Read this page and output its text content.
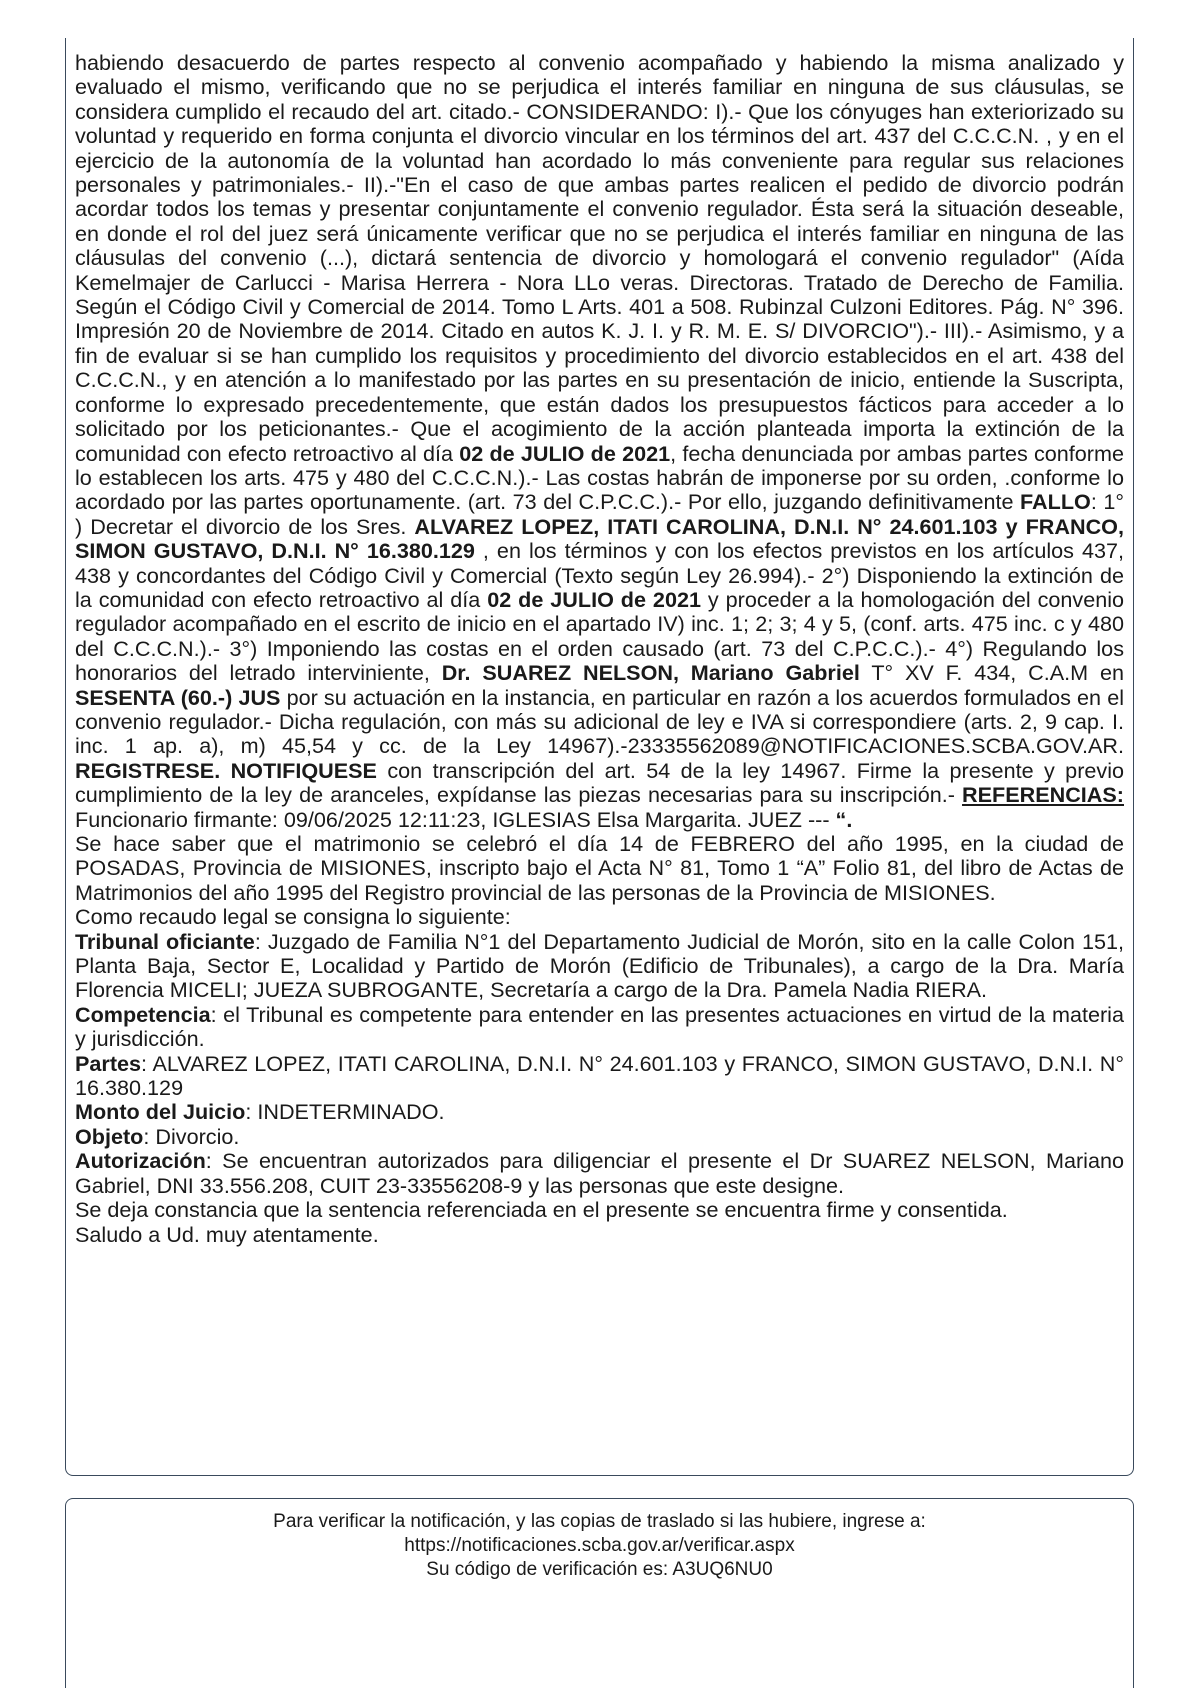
habiendo desacuerdo de partes respecto al convenio acompañado y habiendo la misma analizado y evaluado el mismo, verificando que no se perjudica el interés familiar en ninguna de sus cláusulas, se considera cumplido el recaudo del art. citado.- CONSIDERANDO: I).- Que los cónyuges han exteriorizado su voluntad y requerido en forma conjunta el divorcio vincular en los términos del art. 437 del C.C.C.N. , y en el ejercicio de la autonomía de la voluntad han acordado lo más conveniente para regular sus relaciones personales y patrimoniales.- II).-"En el caso de que ambas partes realicen el pedido de divorcio podrán acordar todos los temas y presentar conjuntamente el convenio regulador. Ésta será la situación deseable, en donde el rol del juez será únicamente verificar que no se perjudica el interés familiar en ninguna de las cláusulas del convenio (...), dictará sentencia de divorcio y homologará el convenio regulador" (Aída Kemelmajer de Carlucci - Marisa Herrera - Nora LLo veras. Directoras. Tratado de Derecho de Familia. Según el Código Civil y Comercial de 2014. Tomo L Arts. 401 a 508. Rubinzal Culzoni Editores. Pág. N° 396. Impresión 20 de Noviembre de 2014. Citado en autos K. J. I. y R. M. E. S/ DIVORCIO").- III).- Asimismo, y a fin de evaluar si se han cumplido los requisitos y procedimiento del divorcio establecidos en el art. 438 del C.C.C.N., y en atención a lo manifestado por las partes en su presentación de inicio, entiende la Suscripta, conforme lo expresado precedentemente, que están dados los presupuestos fácticos para acceder a lo solicitado por los peticionantes.- Que el acogimiento de la acción planteada importa la extinción de la comunidad con efecto retroactivo al día 02 de JULIO de 2021, fecha denunciada por ambas partes conforme lo establecen los arts. 475 y 480 del C.C.C.N.).- Las costas habrán de imponerse por su orden, .conforme lo acordado por las partes oportunamente. (art. 73 del C.P.C.C.).- Por ello, juzgando definitivamente FALLO: 1° ) Decretar el divorcio de los Sres. ALVAREZ LOPEZ, ITATI CAROLINA, D.N.I. N° 24.601.103 y FRANCO, SIMON GUSTAVO, D.N.I. N° 16.380.129 , en los términos y con los efectos previstos en los artículos 437, 438 y concordantes del Código Civil y Comercial (Texto según Ley 26.994).- 2°) Disponiendo la extinción de la comunidad con efecto retroactivo al día 02 de JULIO de 2021 y proceder a la homologación del convenio regulador acompañado en el escrito de inicio en el apartado IV) inc. 1; 2; 3; 4 y 5, (conf. arts. 475 inc. c y 480 del C.C.C.N.).- 3°) Imponiendo las costas en el orden causado (art. 73 del C.P.C.C.).- 4°) Regulando los honorarios del letrado interviniente, Dr. SUAREZ NELSON, Mariano Gabriel T° XV F. 434, C.A.M en SESENTA (60.-) JUS por su actuación en la instancia, en particular en razón a los acuerdos formulados en el convenio regulador.- Dicha regulación, con más su adicional de ley e IVA si correspondiere (arts. 2, 9 cap. I. inc. 1 ap. a), m) 45,54 y cc. de la Ley 14967).-23335562089@NOTIFICACIONES.SCBA.GOV.AR. REGISTRESE. NOTIFIQUESE con transcripción del art. 54 de la ley 14967. Firme la presente y previo cumplimiento de la ley de aranceles, expídanse las piezas necesarias para su inscripción.- REFERENCIAS: Funcionario firmante: 09/06/2025 12:11:23, IGLESIAS Elsa Margarita. JUEZ --- “.

Se hace saber que el matrimonio se celebró el día 14 de FEBRERO del año 1995, en la ciudad de POSADAS, Provincia de MISIONES, inscripto bajo el Acta N° 81, Tomo 1 “A” Folio 81, del libro de Actas de Matrimonios del año 1995 del Registro provincial de las personas de la Provincia de MISIONES.

Como recaudo legal se consigna lo siguiente:

Tribunal oficiante: Juzgado de Familia N°1 del Departamento Judicial de Morón, sito en la calle Colon 151, Planta Baja, Sector E, Localidad y Partido de Morón (Edificio de Tribunales), a cargo de la Dra. María Florencia MICELI; JUEZA SUBROGANTE, Secretaría a cargo de la Dra. Pamela Nadia RIERA.

Competencia: el Tribunal es competente para entender en las presentes actuaciones en virtud de la materia y jurisdicción.

Partes: ALVAREZ LOPEZ, ITATI CAROLINA, D.N.I. N° 24.601.103 y FRANCO, SIMON GUSTAVO, D.N.I. N° 16.380.129

Monto del Juicio: INDETERMINADO.

Objeto: Divorcio.

Autorización: Se encuentran autorizados para diligenciar el presente el Dr SUAREZ NELSON, Mariano Gabriel, DNI 33.556.208, CUIT 23-33556208-9 y las personas que este designe.

Se deja constancia que la sentencia referenciada en el presente se encuentra firme y consentida.

Saludo a Ud. muy atentamente.

Para verificar la notificación, y las copias de traslado si las hubiere, ingrese a:
https://notificaciones.scba.gov.ar/verificar.aspx
Su código de verificación es: A3UQ6NU0
